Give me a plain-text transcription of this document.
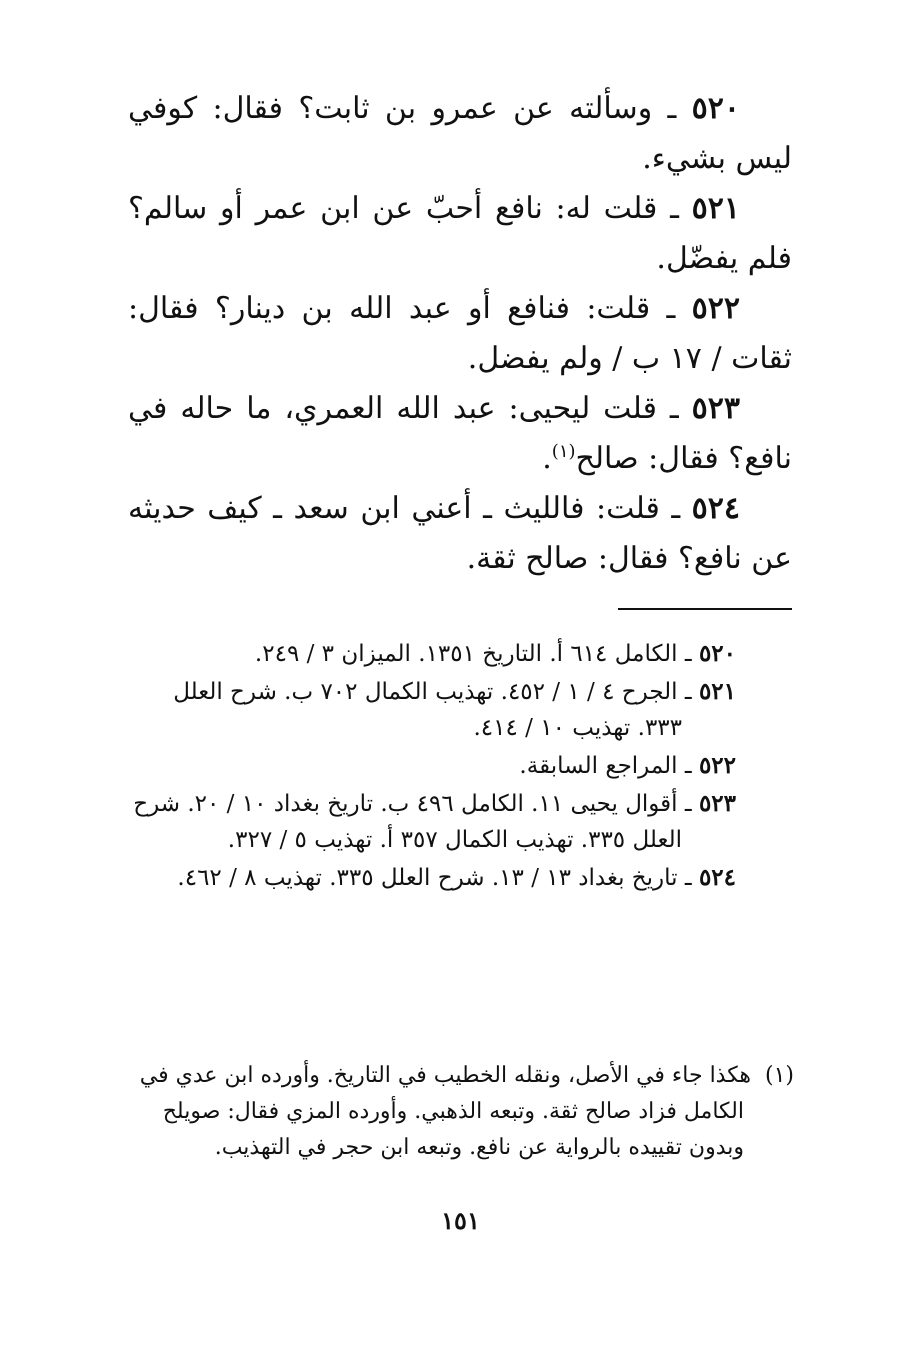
٥٢٠ ـ وسألته عن عمرو بن ثابت؟ فقال: كوفي ليس بشيء.

٥٢١ ـ قلت له: نافع أحبّ عن ابن عمر أو سالم؟ فلم يفضّل.

٥٢٢ ـ قلت: فنافع أو عبد الله بن دينار؟ فقال: ثقات / ١٧ ب / ولم يفضل.

٥٢٣ ـ قلت ليحيى: عبد الله العمري، ما حاله في نافع؟ فقال: صالح$^{(١)}$.

٥٢٤ ـ قلت: فالليث ـ أعني ابن سعد ـ كيف حديثه عن نافع؟ فقال: صالح ثقة.

٥٢٠ ـ الكامل ٦١٤ أ. التاريخ ١٣٥١. الميزان ٣ / ٢٤٩.

٥٢١ ـ الجرح ٤ / ١ / ٤٥٢. تهذيب الكمال ٧٠٢ ب. شرح العلل ٣٣٣. تهذيب ١٠ / ٤١٤.

٥٢٢ ـ المراجع السابقة.

٥٢٣ ـ أقوال يحيى ١١. الكامل ٤٩٦ ب. تاريخ بغداد ١٠ / ٢٠. شرح العلل ٣٣٥. تهذيب الكمال ٣٥٧ أ. تهذيب ٥ / ٣٢٧.

٥٢٤ ـ تاريخ بغداد ١٣ / ١٣. شرح العلل ٣٣٥. تهذيب ٨ / ٤٦٢.

(١)  هكذا جاء في الأصل، ونقله الخطيب في التاريخ. وأورده ابن عدي في الكامل فزاد صالح ثقة. وتبعه الذهبي. وأورده المزي فقال: صويلح وبدون تقييده بالرواية عن نافع. وتبعه ابن حجر في التهذيب.

١٥١
